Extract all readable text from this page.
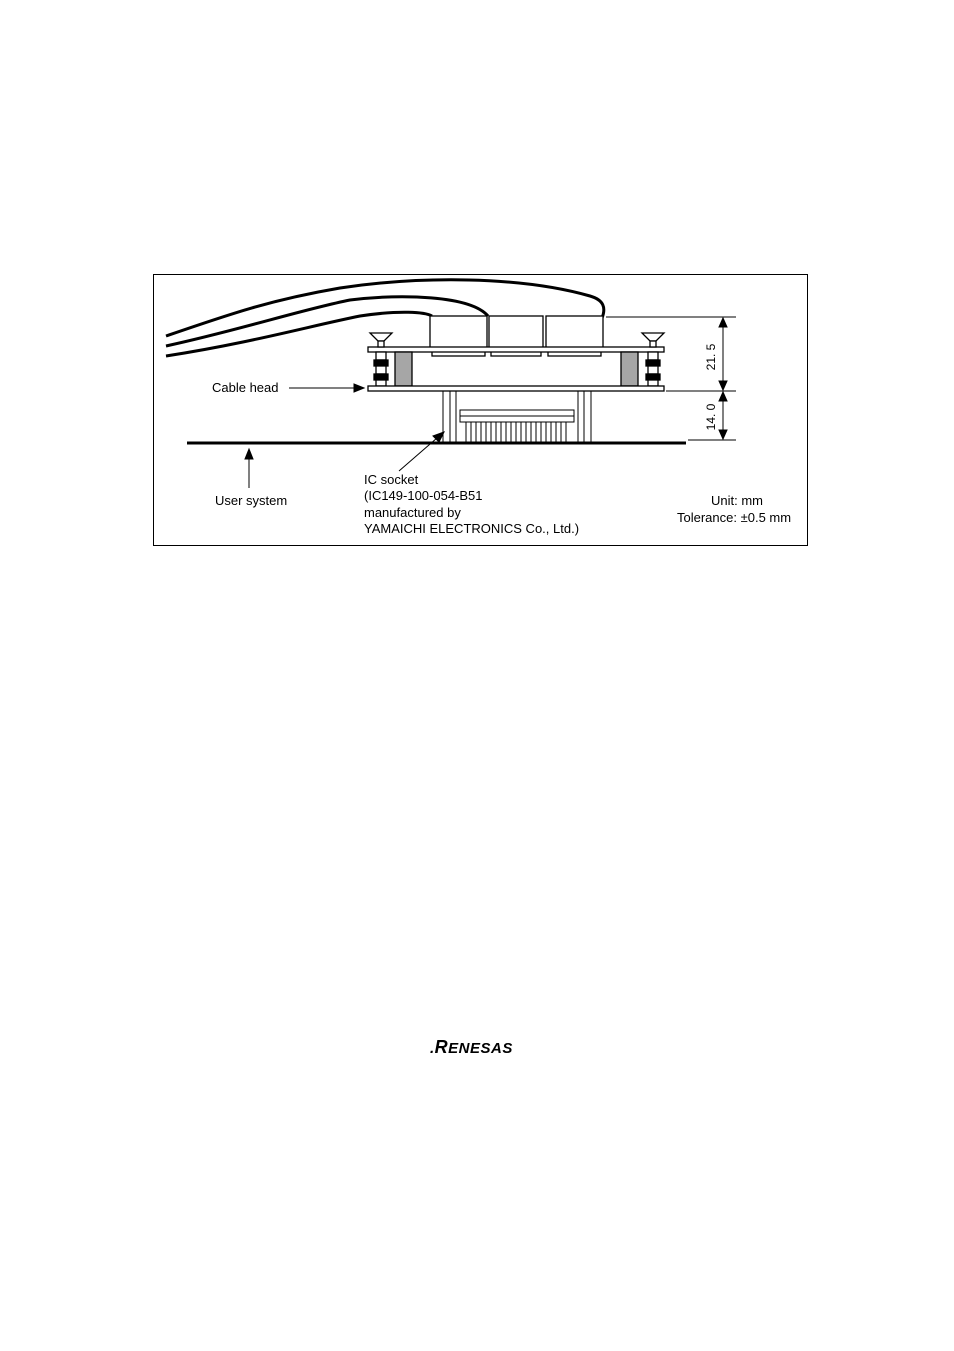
Cable head
User system
IC socket
(IC149-100-054-B51
manufactured by
YAMAICHI ELECTRONICS Co., Ltd.)
Unit: mm
Tolerance: ±0.5 mm
21. 5
14. 0
.RENESAS
